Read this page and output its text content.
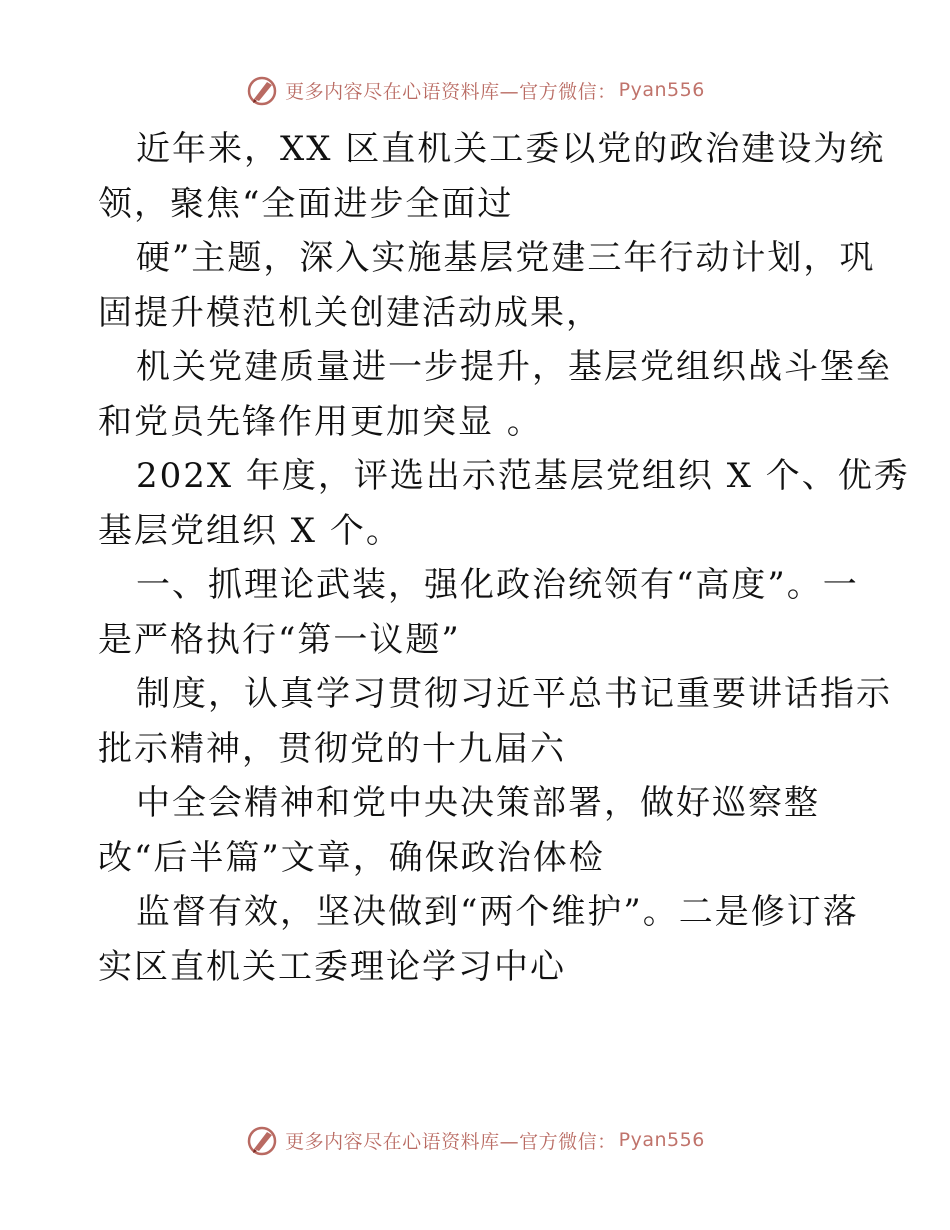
更多内容尽在心语资料库—官方微信： Pyan556
近年来，XX 区直机关工委以党的政治建设为统
领，聚焦“全面进步全面过
硬”主题，深入实施基层党建三年行动计划，巩
固提升模范机关创建活动成果，
机关党建质量进一步提升，基层党组织战斗堡垒
和党员先锋作用更加突显 。
202X 年度，评选出示范基层党组织 X 个、优秀
基层党组织 X 个。
一、抓理论武装，强化政治统领有“高度”。一
是严格执行“第一议题”
制度，认真学习贯彻习近平总书记重要讲话指示
批示精神，贯彻党的十九届六
中全会精神和党中央决策部署，做好巡察整
改“后半篇”文章，确保政治体检
监督有效，坚决做到“两个维护”。二是修订落
实区直机关工委理论学习中心
更多内容尽在心语资料库—官方微信： Pyan556
